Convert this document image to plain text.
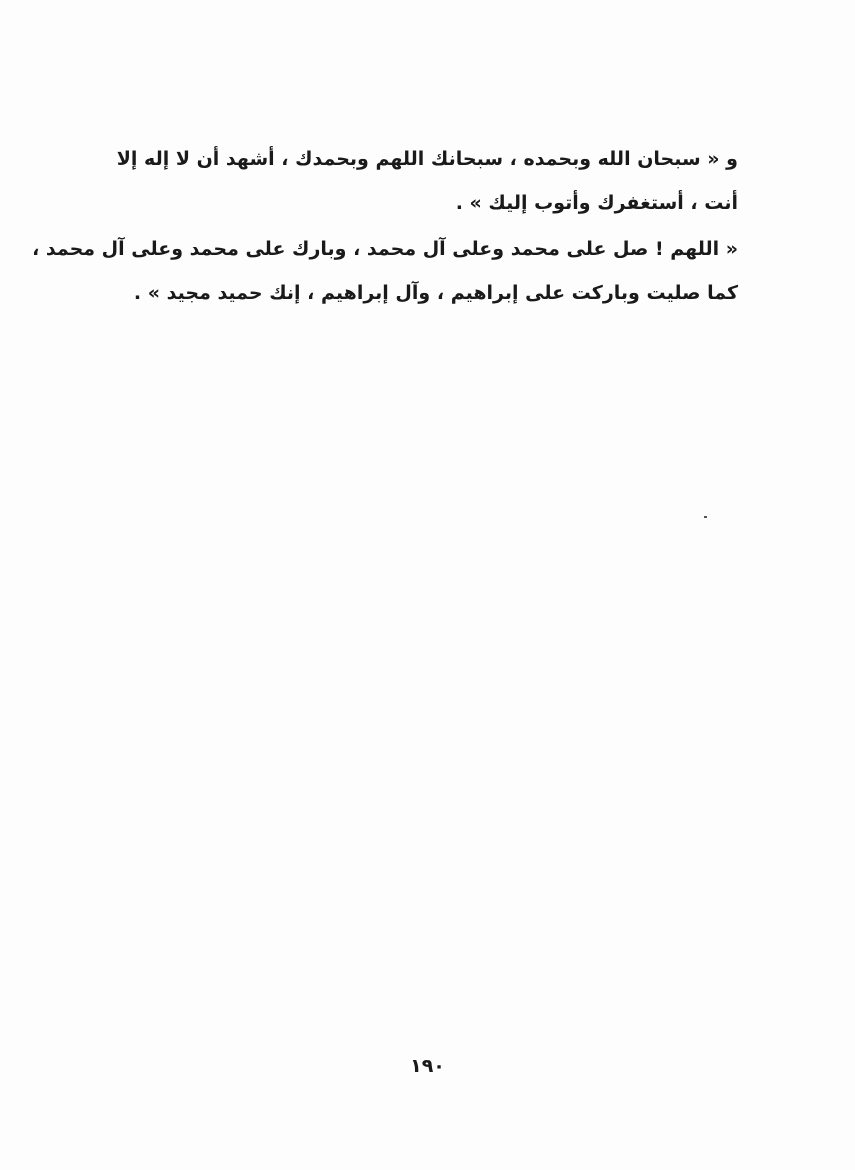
و « سبحان الله وبحمده ، سبحانك اللهم وبحمدك ، أشهد أن لا إله إلا
أنت ، أستغفرك وأتوب إليك » .
« اللهم ! صل على محمد وعلى آل محمد ، وبارك على محمد وعلى آل محمد ،
كما صليت وباركت على إبراهيم ، وآل إبراهيم ، إنك حميد مجيد » .
١٩٠
